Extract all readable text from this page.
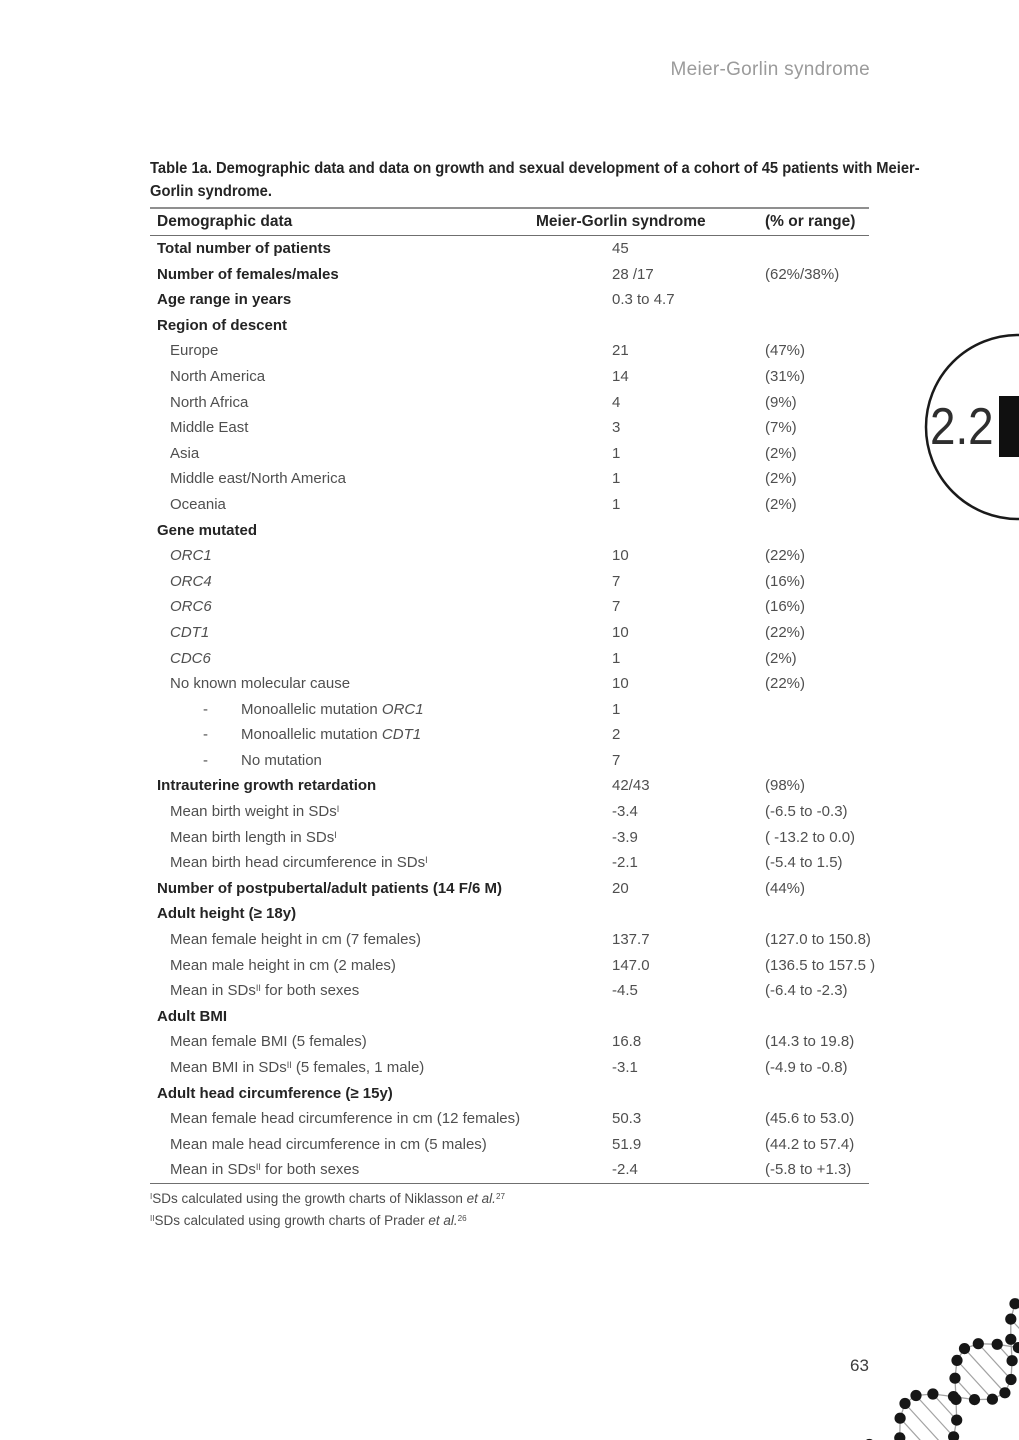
Meier-Gorlin syndrome
Table 1a. Demographic data and data on growth and sexual development of a cohort of 45 patients with Meier-
Gorlin syndrome.
2.2
Demographic data	Meier-Gorlin syndrome	(% or range)
Total number of patients	45
Number of females/males	28 /17	(62%/38%)
Age range in years	0.3 to 4.7
Region of descent
Europe	21	(47%)
North America	14	(31%)
North Africa	4	(9%)
Middle East	3	(7%)
Asia	1	(2%)
Middle east/North America	1	(2%)
Oceania	1	(2%)
Gene mutated
ORC1	10	(22%)
ORC4	7	(16%)
ORC6	7	(16%)
CDT1	10	(22%)
CDC6	1	(2%)
No known molecular cause	10	(22%)
- Monoallelic mutation ORC1	1
- Monoallelic mutation CDT1	2
- No mutation	7
Intrauterine growth retardation	42/43	(98%)
Mean birth weight in SDs$^I$	-3.4	(-6.5 to -0.3)
Mean birth length in SDs$^I$	-3.9	( -13.2 to 0.0)
Mean birth head circumference in SDs$^I$	-2.1	(-5.4 to 1.5)
Number of postpubertal/adult patients (14 F/6 M)	20	(44%)
Adult height (≥ 18y)
Mean female height in cm (7 females)	137.7	(127.0 to 150.8)
Mean male height in cm (2 males)	147.0	(136.5 to 157.5 )
Mean in SDs$^{II}$ for both sexes	-4.5	(-6.4 to -2.3)
Adult BMI
Mean female BMI (5 females)	16.8	(14.3 to 19.8)
Mean BMI in SDs$^{II}$ (5 females, 1 male)	-3.1	(-4.9 to -0.8)
Adult head circumference (≥ 15y)
Mean female head circumference in cm (12 females)	50.3	(45.6 to 53.0)
Mean male head circumference in cm (5 males)	51.9	(44.2 to 57.4)
Mean in SDs$^{II}$ for both sexes	-2.4	(-5.8 to +1.3)
$^I$SDs calculated using the growth charts of Niklasson et al.$^{27}$
$^{II}$SDs calculated using growth charts of Prader et al.$^{26}$
63
